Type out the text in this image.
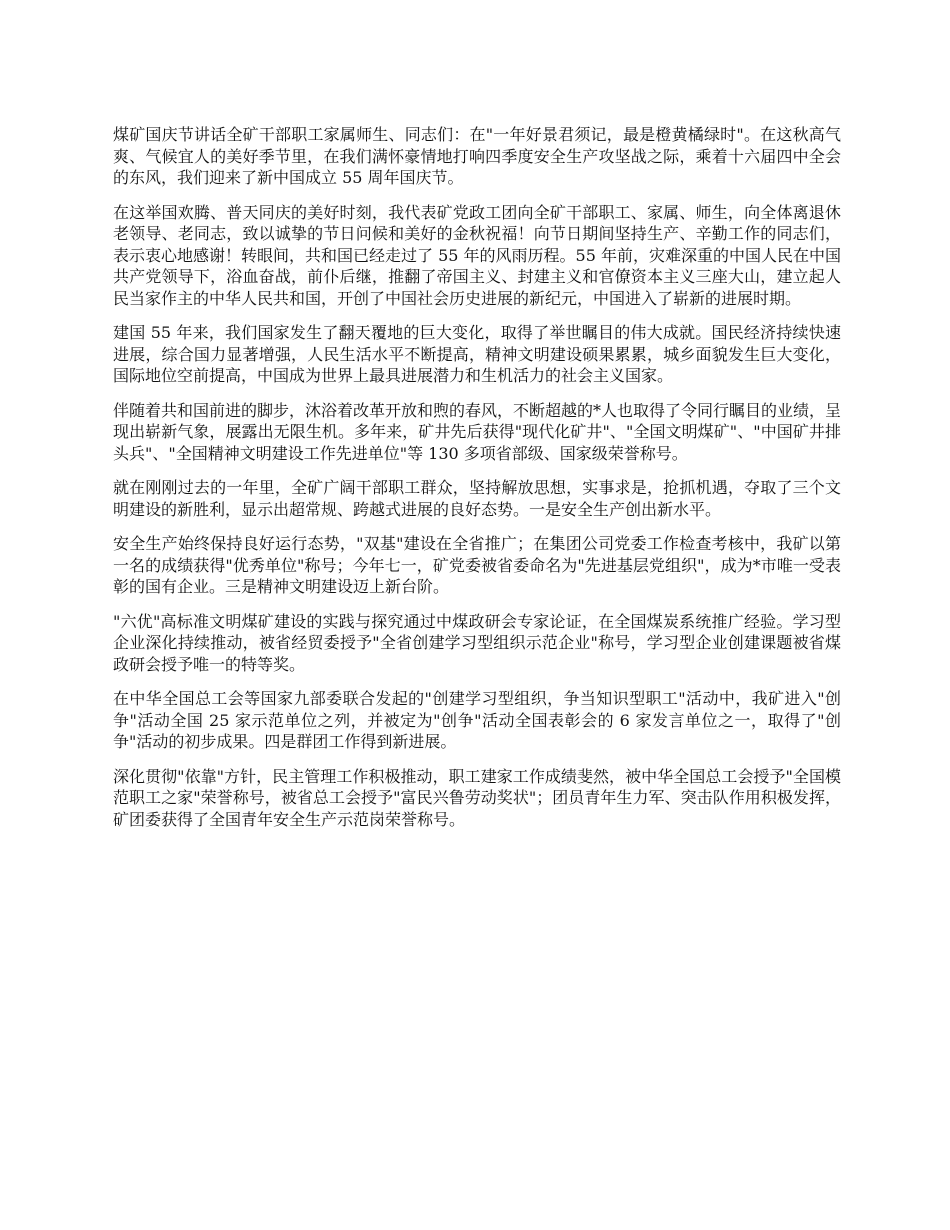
煤矿国庆节讲话全矿干部职工家属师生、同志们：在"一年好景君须记，最是橙黄橘绿时"。在这秋高气爽、气候宜人的美好季节里，在我们满怀豪情地打响四季度安全生产攻坚战之际，乘着十六届四中全会的东风，我们迎来了新中国成立 55 周年国庆节。

在这举国欢腾、普天同庆的美好时刻，我代表矿党政工团向全矿干部职工、家属、师生，向全体离退休老领导、老同志，致以诚挚的节日问候和美好的金秋祝福！向节日期间坚持生产、辛勤工作的同志们，表示衷心地感谢！转眼间，共和国已经走过了 55 年的风雨历程。55 年前，灾难深重的中国人民在中国共产党领导下，浴血奋战，前仆后继，推翻了帝国主义、封建主义和官僚资本主义三座大山，建立起人民当家作主的中华人民共和国，开创了中国社会历史进展的新纪元，中国进入了崭新的进展时期。

建国 55 年来，我们国家发生了翻天覆地的巨大变化，取得了举世瞩目的伟大成就。国民经济持续快速进展，综合国力显著增强，人民生活水平不断提高，精神文明建设硕果累累，城乡面貌发生巨大变化，国际地位空前提高，中国成为世界上最具进展潜力和生机活力的社会主义国家。

伴随着共和国前进的脚步，沐浴着改革开放和煦的春风，不断超越的*人也取得了令同行瞩目的业绩，呈现出崭新气象，展露出无限生机。多年来，矿井先后获得"现代化矿井"、"全国文明煤矿"、"中国矿井排头兵"、"全国精神文明建设工作先进单位"等 130 多项省部级、国家级荣誉称号。

就在刚刚过去的一年里，全矿广阔干部职工群众，坚持解放思想，实事求是，抢抓机遇，夺取了三个文明建设的新胜利，显示出超常规、跨越式进展的良好态势。一是安全生产创出新水平。

安全生产始终保持良好运行态势，"双基"建设在全省推广；在集团公司党委工作检查考核中，我矿以第一名的成绩获得"优秀单位"称号；今年七一，矿党委被省委命名为"先进基层党组织"，成为*市唯一受表彰的国有企业。三是精神文明建设迈上新台阶。

"六优"高标准文明煤矿建设的实践与探究通过中煤政研会专家论证，在全国煤炭系统推广经验。学习型企业深化持续推动，被省经贸委授予"全省创建学习型组织示范企业"称号，学习型企业创建课题被省煤政研会授予唯一的特等奖。

在中华全国总工会等国家九部委联合发起的"创建学习型组织，争当知识型职工"活动中，我矿进入"创争"活动全国 25 家示范单位之列，并被定为"创争"活动全国表彰会的 6 家发言单位之一，取得了"创争"活动的初步成果。四是群团工作得到新进展。

深化贯彻"依靠"方针，民主管理工作积极推动，职工建家工作成绩斐然，被中华全国总工会授予"全国模范职工之家"荣誉称号，被省总工会授予"富民兴鲁劳动奖状"；团员青年生力军、突击队作用积极发挥，矿团委获得了全国青年安全生产示范岗荣誉称号。
